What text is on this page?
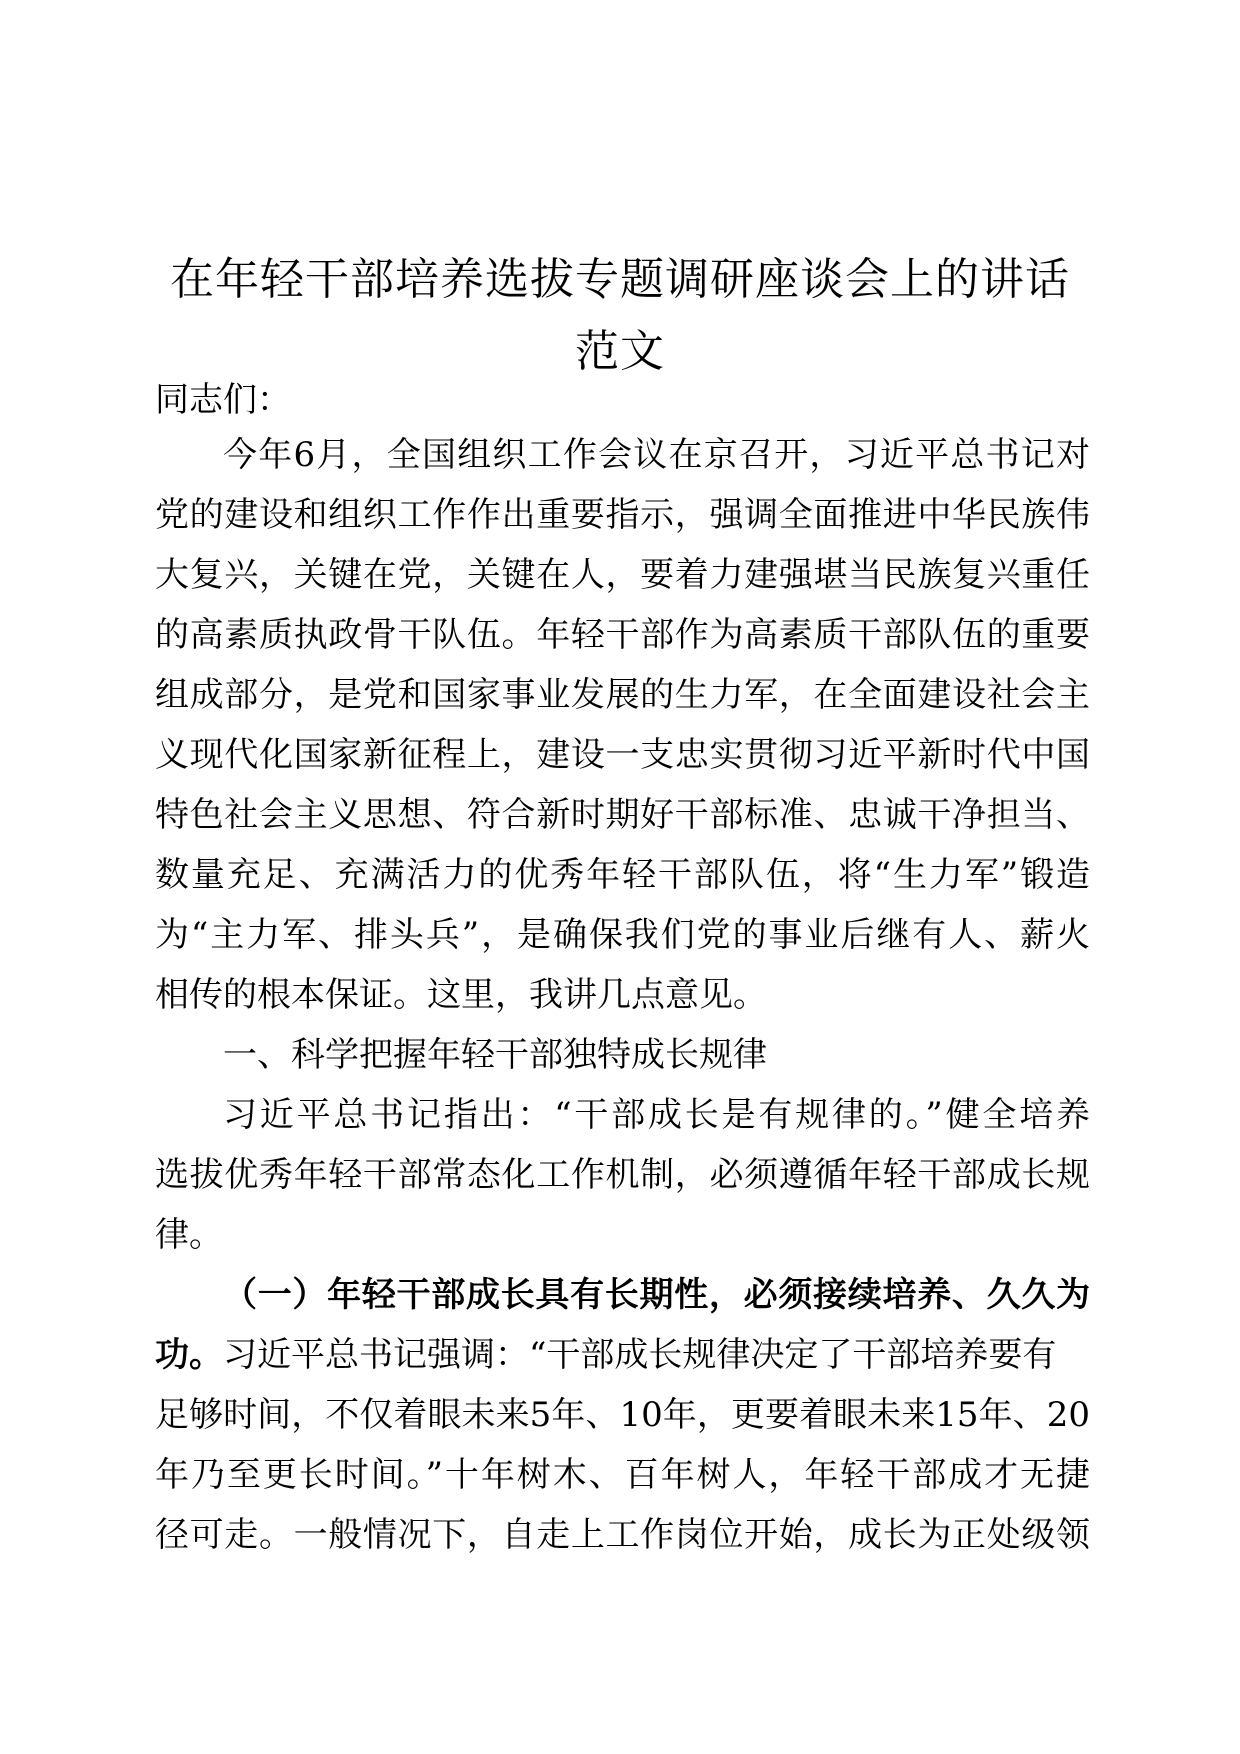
在年轻干部培养选拔专题调研座谈会上的讲话
范文
同志们：
今年6月，全国组织工作会议在京召开，习近平总书记对
党的建设和组织工作作出重要指示，强调全面推进中华民族伟
大复兴，关键在党，关键在人，要着力建强堪当民族复兴重任
的高素质执政骨干队伍。年轻干部作为高素质干部队伍的重要
组成部分，是党和国家事业发展的生力军，在全面建设社会主
义现代化国家新征程上，建设一支忠实贯彻习近平新时代中国
特色社会主义思想、符合新时期好干部标准、忠诚干净担当、
数量充足、充满活力的优秀年轻干部队伍，将“生力军”锻造
为“主力军、排头兵”，是确保我们党的事业后继有人、薪火
相传的根本保证。这里，我讲几点意见。
一、科学把握年轻干部独特成长规律
习近平总书记指出：“干部成长是有规律的。”健全培养
选拔优秀年轻干部常态化工作机制，必须遵循年轻干部成长规
律。
（一）年轻干部成长具有长期性，必须接续培养、久久为
功。习近平总书记强调：“干部成长规律决定了干部培养要有
足够时间，不仅着眼未来5年、10年，更要着眼未来15年、20
年乃至更长时间。”十年树木、百年树人，年轻干部成才无捷
径可走。一般情况下，自走上工作岗位开始，成长为正处级领
